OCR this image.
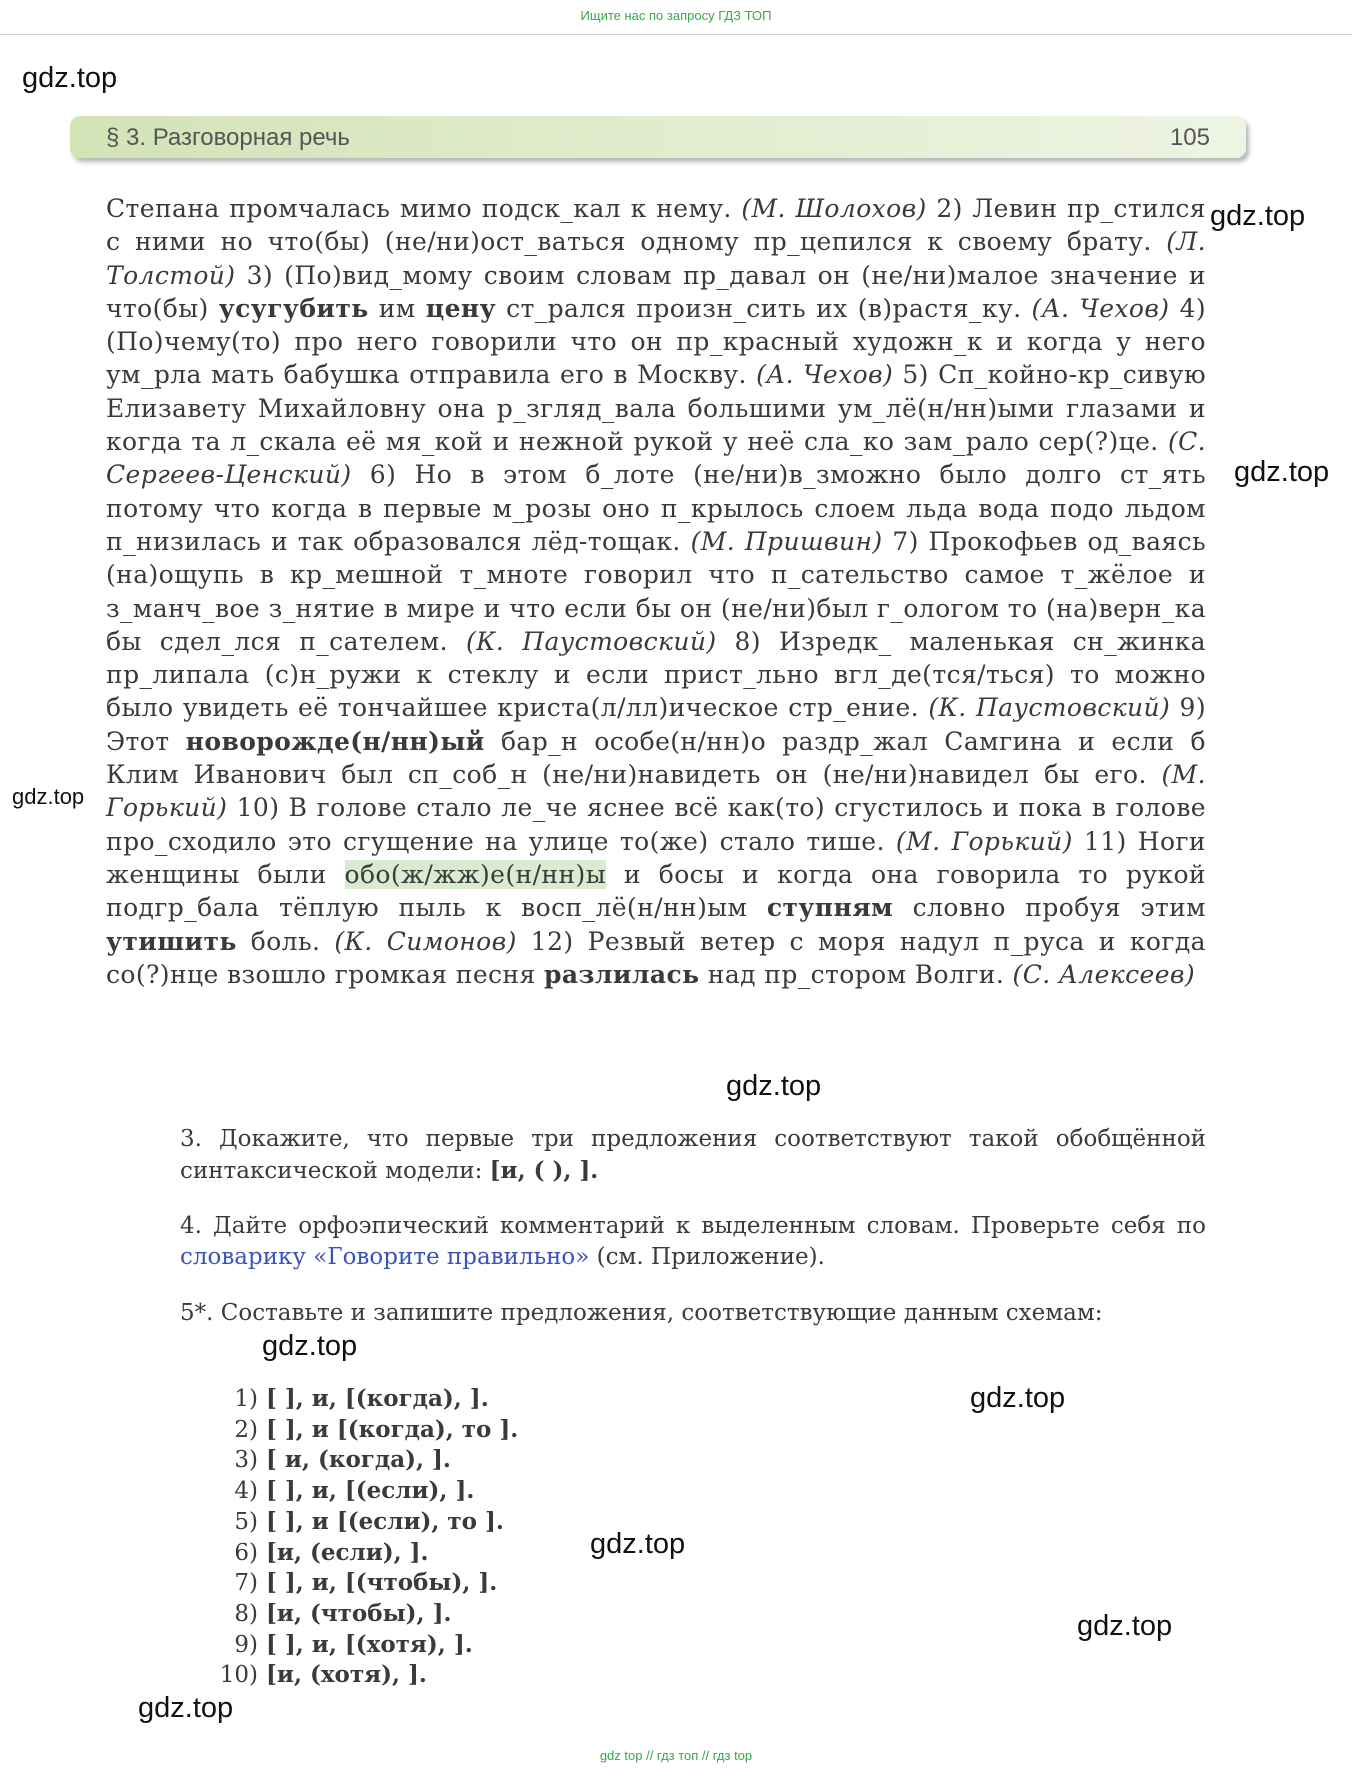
Ищите нас по запросу ГДЗ ТОП
gdz.top
gdz.top
gdz.top
gdz.top
gdz.top
gdz.top
gdz.top
gdz.top
gdz.top
gdz.top
§ 3. Разговорная речь	105
Степана промчалась мимо подск_кал к нему. (М. Шолохов) 2) Левин пр_стился с ними но что(бы) (не/ни)ост_ваться одному пр_цепился к своему брату. (Л. Толстой) 3) (По)вид_мому своим словам пр_давал он (не/ни)малое значение и что(бы) усугубить им цену ст_рался произн_сить их (в)растя_ку. (А. Чехов) 4) (По)чему(то) про него говорили что он пр_красный художн_к и когда у него ум_рла мать бабушка отправила его в Москву. (А. Чехов) 5) Сп_койно-кр_сивую Елизавету Михайловну она р_згляд_вала большими ум_лё(н/нн)ыми глазами и когда та л_скала её мя_кой и нежной рукой у неё сла_ко зам_рало сер(?)це. (С. Сергеев-Ценский) 6) Но в этом б_лоте (не/ни)в_зможно было долго ст_ять потому что когда в первые м_розы оно п_крылось слоем льда вода подо льдом п_низилась и так образовался лёд-тощак. (М. Пришвин) 7) Прокофьев од_ваясь (на)ощупь в кр_мешной т_мноте говорил что п_сательство самое т_жёлое и з_манч_вое з_нятие в мире и что если бы он (не/ни)был г_ологом то (на)верн_ка бы сдел_лся п_сателем. (К. Паустовский) 8) Изредк_ маленькая сн_жинка пр_липала (с)н_ружи к стеклу и если прист_льно вгл_де(тся/ться) то можно было увидеть её тончайшее криста(л/лл)ическое стр_ение. (К. Паустовский) 9) Этот новорожде(н/нн)ый бар_н особе(н/нн)о раздр_жал Самгина и если б Клим Иванович был сп_соб_н (не/ни)навидеть он (не/ни)навидел бы его. (М. Горький) 10) В голове стало ле_че яснее всё как(то) сгустилось и пока в голове про_сходило это сгущение на улице то(же) стало тише. (М. Горький) 11) Ноги женщины были обо(ж/жж)е(н/нн)ы и босы и когда она говорила то рукой подгр_бала тёплую пыль к восп_лё(н/нн)ым ступням словно пробуя этим утишить боль. (К. Симонов) 12) Резвый ветер с моря надул п_руса и когда со(?)нце взошло громкая песня разлилась над пр_стором Волги. (С. Алексеев)
3. Докажите, что первые три предложения соответствуют такой обобщённой синтаксической модели: [и, ( ), ].
4. Дайте орфоэпический комментарий к выделенным словам. Проверьте себя по словарику «Говорите правильно» (см. Приложение).
5*. Составьте и запишите предложения, соответствующие данным схемам:
1) [ ], и, [(когда), ].
2) [ ], и [(когда), то ].
3) [ и, (когда), ].
4) [ ], и, [(если), ].
5) [ ], и [(если), то ].
6) [и, (если), ].
7) [ ], и, [(чтобы), ].
8) [и, (чтобы), ].
9) [ ], и, [(хотя), ].
10) [и, (хотя), ].
gdz top // гдз топ // гдз top
